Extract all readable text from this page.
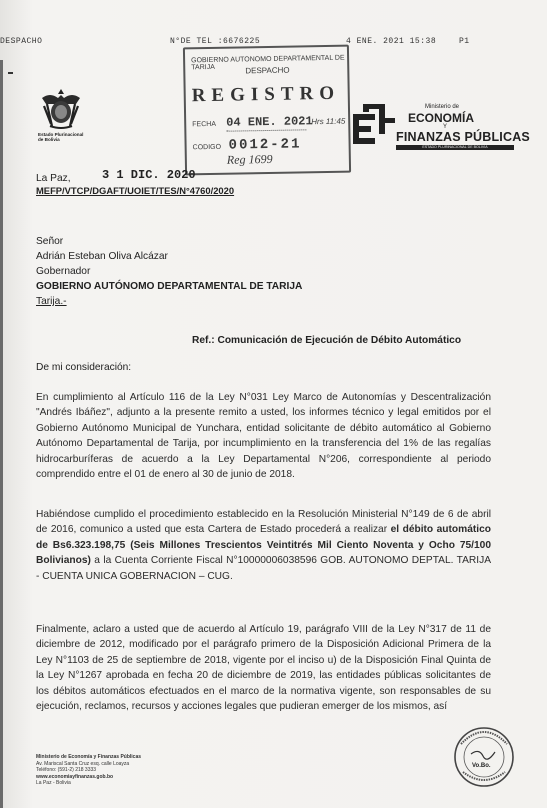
DESPACHO	N°DE TEL :6676225	4 ENE. 2021 15:38	P1
Estado Plurinacional de Bolivia
GOBIERNO AUTONOMO DEPARTAMENTAL DE TARIJA	DESPACHO
REGISTRO
FECHA 04 ENE. 2021
Hrs 11:45
CODIGO 0012-21
Reg 1699
Ministerio de
ECONOMÍA
Y
FINANZAS PÚBLICAS
ESTADO PLURINACIONAL DE BOLIVIA
La Paz,	3 1 DIC. 2020
MEFP/VTCP/DGAFT/UOIET/TES/N°4760/2020
Señor
Adrián Esteban Oliva Alcázar
Gobernador
GOBIERNO AUTÓNOMO DEPARTAMENTAL DE TARIJA
Tarija.-
Ref.: Comunicación de Ejecución de Débito Automático
De mi consideración:
En cumplimiento al Artículo 116 de la Ley N°031 Ley Marco de Autonomías y Descentralización "Andrés Ibáñez", adjunto a la presente remito a usted, los informes técnico y legal emitidos por el Gobierno Autónomo Municipal de Yunchara, entidad solicitante de débito automático al Gobierno Autónomo Departamental de Tarija, por incumplimiento en la transferencia del 1% de las regalías hidrocarburíferas de acuerdo a la Ley Departamental N°206, correspondiente al periodo comprendido entre el 01 de enero al 30 de junio de 2018.
Habiéndose cumplido el procedimiento establecido en la Resolución Ministerial N°149 de 6 de abril de 2016, comunico a usted que esta Cartera de Estado procederá a realizar el débito automático de Bs6.323.198,75 (Seis Millones Trescientos Veintitrés Mil Ciento Noventa y Ocho 75/100 Bolivianos) a la Cuenta Corriente Fiscal N°10000006038596 GOB. AUTONOMO DEPTAL. TARIJA - CUENTA UNICA GOBERNACION – CUG.
Finalmente, aclaro a usted que de acuerdo al Artículo 19, parágrafo VIII de la Ley N°317 de 11 de diciembre de 2012, modificado por el parágrafo primero de la Disposición Adicional Primera de la Ley N°1103 de 25 de septiembre de 2018, vigente por el inciso u) de la Disposición Final Quinta de la Ley N°1267 aprobada en fecha 20 de diciembre de 2019, las entidades públicas solicitantes de los débitos automáticos efectuados en el marco de la normativa vigente, son responsables de su ejecución, reclamos, recursos y acciones legales que pudieran emerger de los mismos, así
Ministerio de Economía y Finanzas Públicas
Av. Mariscal Santa Cruz esq. calle Loayza
Teléfono: (591-2) 218 3333
www.economiayfinanzas.gob.bo
La Paz - Bolivia
Vo.Bo.
